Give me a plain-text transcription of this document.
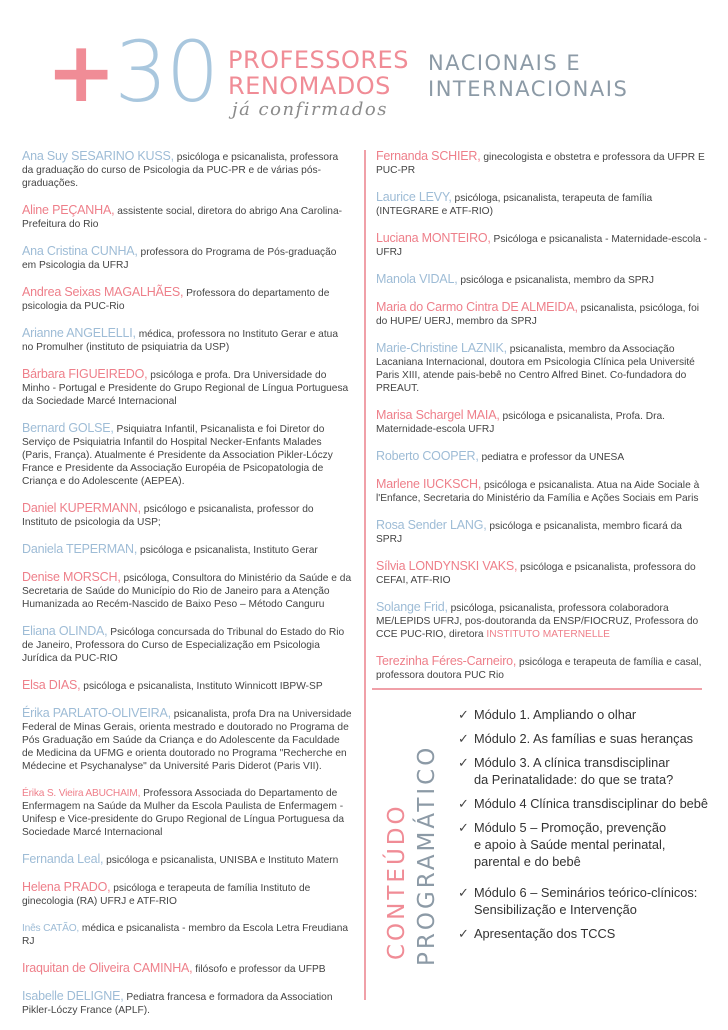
+30 PROFESSORES
RENOMADOS
já confirmados
NACIONAIS E
INTERNACIONAIS
Ana Suy SESARINO KUSS, psicóloga e psicanalista, professora da graduação do curso de Psicologia da PUC-PR e de várias pós-graduações.
Aline PEÇANHA, assistente social, diretora do abrigo Ana Carolina- Prefeitura do Rio
Ana Cristina CUNHA, professora do Programa de Pós-graduação em Psicologia da UFRJ
Andrea Seixas MAGALHÃES, Professora do departamento de psicologia da PUC-Rio
Arianne ANGELELLI, médica, professora no Instituto Gerar e atua no Promulher (instituto de psiquiatria da USP)
Bárbara FIGUEIREDO, psicóloga e profa. Dra Universidade do Minho - Portugal e Presidente do Grupo Regional de Língua Portuguesa da Sociedade Marcé Internacional
Bernard GOLSE, Psiquiatra Infantil, Psicanalista e foi Diretor do Serviço de Psiquiatria Infantil do Hospital Necker-Enfants Malades (Paris, França). Atualmente é Presidente da Association Pikler-Lóczy France e Presidente da Associação Européia de Psicopatologia de Criança e do Adolescente (AEPEA).
Daniel KUPERMANN, psicólogo e psicanalista, professor do Instituto de psicologia da USP;
Daniela TEPERMAN, psicóloga e psicanalista, Instituto Gerar
Denise MORSCH, psicóloga, Consultora do Ministério da Saúde e da Secretaria de Saúde do Município do Rio de Janeiro para a Atenção Humanizada ao Recém-Nascido de Baixo Peso – Método Canguru
Eliana OLINDA, Psicóloga concursada do Tribunal do Estado do Rio de Janeiro, Professora do Curso de Especialização em Psicologia Jurídica da PUC-RIO
Elsa DIAS, psicóloga e psicanalista, Instituto Winnicott IBPW-SP
Érika PARLATO-OLIVEIRA, psicanalista, profa Dra na Universidade Federal de Minas Gerais, orienta mestrado e doutorado no Programa de Pós Graduação em Saúde da Criança e do Adolescente da Faculdade de Medicina da UFMG e orienta doutorado no Programa "Recherche en Médecine et Psychanalyse" da Université Paris Diderot (Paris VII).
Érika S. Vieira ABUCHAIM, Professora Associada do Departamento de Enfermagem na Saúde da Mulher da Escola Paulista de Enfermagem - Unifesp e Vice-presidente do Grupo Regional de Língua Portuguesa da Sociedade Marcé Internacional
Fernanda Leal, psicóloga e psicanalista, UNISBA e Instituto Matern
Helena PRADO, psicóloga e terapeuta de família Instituto de ginecologia (RA) UFRJ e ATF-RIO
Inês CATÃO, médica e psicanalista - membro da Escola Letra Freudiana RJ
Iraquitan de Oliveira CAMINHA, filósofo e professor da UFPB
Isabelle DELIGNE, Pediatra francesa e formadora da Association Pikler-Lóczy France (APLF).
Fernanda SCHIER, ginecologista e obstetra e professora da UFPR E PUC-PR
Laurice LEVY, psicóloga, psicanalista, terapeuta de família (INTEGRARE e ATF-RIO)
Luciana MONTEIRO, Psicóloga e psicanalista - Maternidade-escola - UFRJ
Manola VIDAL, psicóloga e psicanalista, membro da SPRJ
Maria do Carmo Cintra DE ALMEIDA, psicanalista, psicóloga, foi do HUPE/ UERJ, membro da SPRJ
Marie-Christine LAZNIK, psicanalista, membro da Associação Lacaniana Internacional, doutora em Psicologia Clínica pela Université Paris XIII, atende pais-bebê no Centro Alfred Binet. Co-fundadora do PREAUT.
Marisa Schargel MAIA, psicóloga e psicanalista, Profa. Dra. Maternidade-escola UFRJ
Roberto COOPER, pediatra e professor da UNESA
Marlene IUCKSCH, psicóloga e psicanalista. Atua na Aide Sociale à l'Enfance, Secretaria do Ministério da Família e Ações Sociais em Paris
Rosa Sender LANG, psicóloga e psicanalista, membro ficará da SPRJ
Sílvia LONDYNSKI VAKS, psicóloga e psicanalista, professora do CEFAI, ATF-RIO
Solange Frid, psicóloga, psicanalista, professora colaboradora ME/LEPIDS UFRJ, pos-doutoranda da ENSP/FIOCRUZ, Professora do CCE PUC-RIO, diretora INSTITUTO MATERNELLE
Terezinha Féres-Carneiro, psicóloga e terapeuta de família e casal, professora doutora PUC Rio
CONTEÚDO PROGRAMÁTICO
✓ Módulo 1. Ampliando o olhar
✓ Módulo 2. As famílias e suas heranças
✓ Módulo 3. A clínica transdisciplinar
da Perinatalidade: do que se trata?
✓ Módulo 4 Clínica transdisciplinar do bebê
✓ Módulo 5 – Promoção, prevenção
e apoio à Saúde mental perinatal,
parental e do bebê
✓ Módulo 6 – Seminários teórico-clínicos:
Sensibilização e Intervenção
✓ Apresentação dos TCCS
